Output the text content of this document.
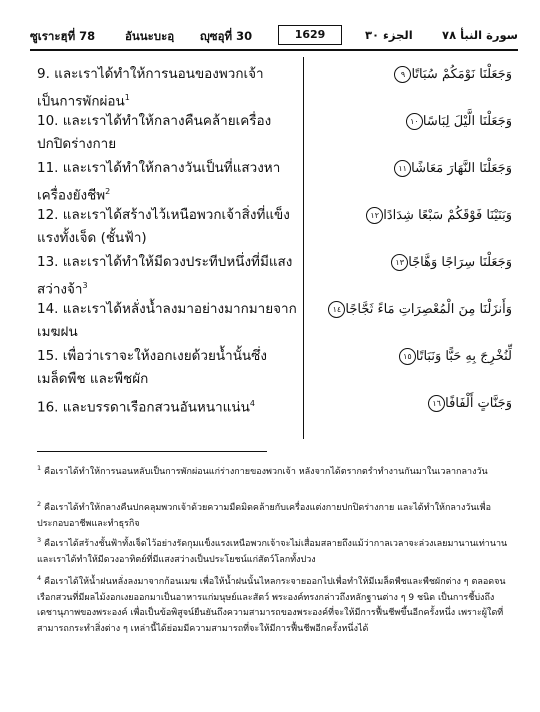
ซูเราะฮฺที่ 78	อันนะบะอฺ ญุซอุที่ 30	1629	الجزء ٣٠	سورة النبأ ٧٨
9. และเราได้ทำให้การนอนของพวกเจ้าเป็นการพักผ่อน$^1$
وَجَعَلْنَا نَوْمَكُمْ سُبَاتًا٩
10. และเราได้ทำให้กลางคืนคล้ายเครื่องปกปิดร่างกาย
وَجَعَلْنَا الَّيْلَ لِبَاسًا١٠
11. และเราได้ทำให้กลางวันเป็นที่แสวงหาเครื่องยังชีพ$^2$
وَجَعَلْنَا النَّهَارَ مَعَاشًا١١
12. และเราได้สร้างไว้เหนือพวกเจ้าสิ่งที่แข็งแรงทั้งเจ็ด (ชั้นฟ้า)
وَبَنَيْنَا فَوْقَكُمْ سَبْعًا شِدَادًا١٢
13. และเราได้ทำให้มีดวงประทีปหนึ่งที่มีแสงสว่างจ้า$^3$
وَجَعَلْنَا سِرَاجًا وَهَّاجًا١٣
14. และเราได้หลั่งน้ำลงมาอย่างมากมายจากเมฆฝน
وَأَنزَلْنَا مِنَ الْمُعْصِرَاتِ مَاءً ثَجَّاجًا١٤
15. เพื่อว่าเราจะให้งอกเงยด้วยน้ำนั้นซึ่งเมล็ดพืช และพืชผัก
لِّنُخْرِجَ بِهِ حَبًّا وَنَبَاتًا١٥
16. และบรรดาเรือกสวนอันหนาแน่น$^4$	وَجَنَّاتٍ أَلْفَافًا١٦
$^1$ คือเราได้ทำให้การนอนหลับเป็นการพักผ่อนแก่ร่างกายของพวกเจ้า หลังจากได้ตรากตรำทำงานกันมาในเวลากลางวัน
$^2$ คือเราได้ทำให้กลางคืนปกคลุมพวกเจ้าด้วยความมืดมิดคล้ายกับเครื่องแต่งกายปกปิดร่างกาย และได้ทำให้กลางวันเพื่อประกอบอาชีพและทำธุรกิจ
$^3$ คือเราได้สร้างชั้นฟ้าทั้งเจ็ดไว้อย่างรัดกุมแข็งแรงเหนือพวกเจ้าจะไม่เสื่อมสลายถึงแม้ว่ากาลเวลาจะล่วงเลยมานานเท่านาน และเราได้ทำให้มีดวงอาทิตย์ที่มีแสงสว่างเป็นประโยชน์แก่สัตว์โลกทั้งปวง
$^4$ คือเราได้ให้น้ำฝนหลั่งลงมาจากก้อนเมฆ เพื่อให้น้ำฝนนั้นไหลกระจายออกไปเพื่อทำให้มีเมล็ดพืชและพืชผักต่าง ๆ ตลอดจนเรือกสวนที่มีผลไม้งอกเงยออกมาเป็นอาหารแก่มนุษย์และสัตว์ พระองค์ทรงกล่าวถึงหลักฐานต่าง ๆ 9 ชนิด เป็นการชี้บ่งถึงเดชานุภาพของพระองค์ เพื่อเป็นข้อพิสูจน์ยืนยันถึงความสามารถของพระองค์ที่จะให้มีการฟื้นชีพขึ้นอีกครั้งหนึ่ง เพราะผู้ใดที่สามารถกระทำสิ่งต่าง ๆ เหล่านี้ได้ย่อมมีความสามารถที่จะให้มีการฟื้นชีพอีกครั้งหนึ่งได้
